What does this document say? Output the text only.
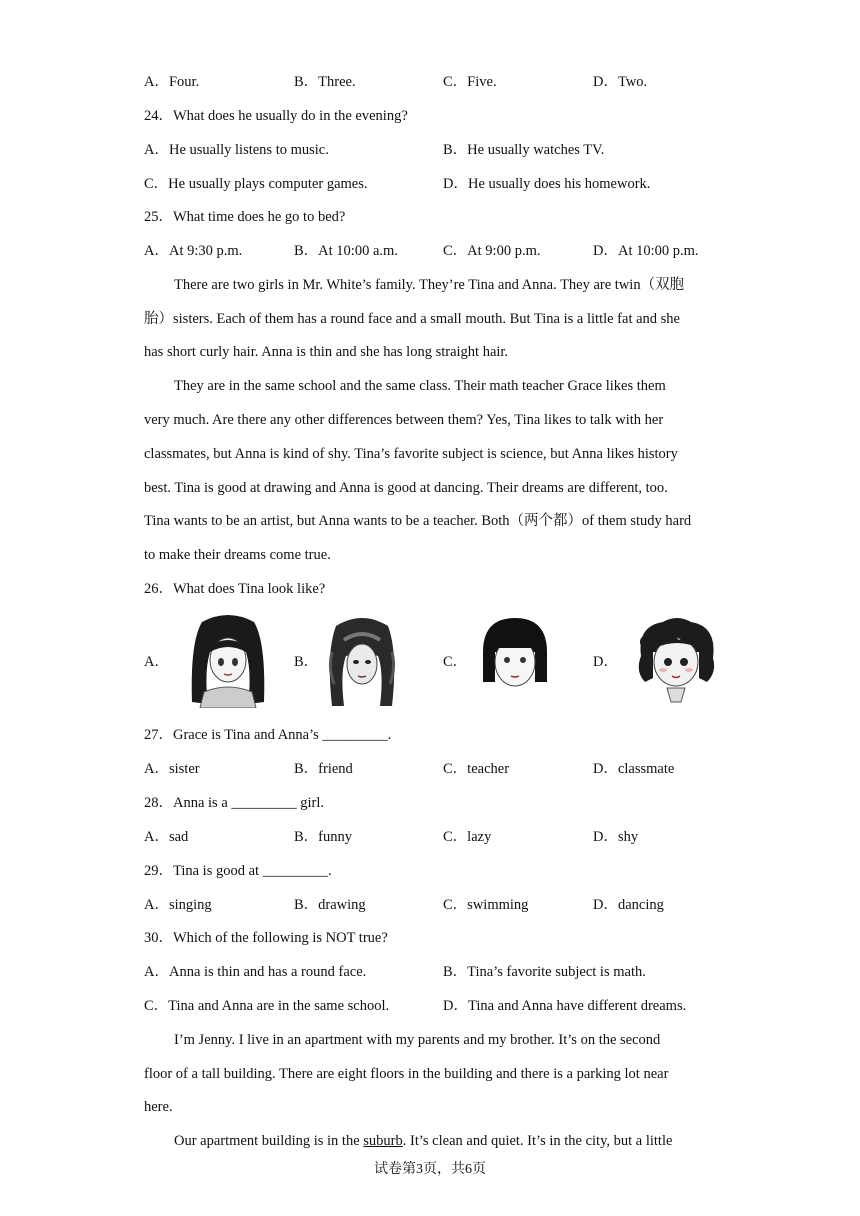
A．Four.	B．Three.	C．Five.	D．Two.
24．What does he usually do in the evening?
A．He usually listens to music.	B．He usually watches TV.
C．He usually plays computer games.	D．He usually does his homework.
25．What time does he go to bed?
A．At 9:30 p.m.	B．At 10:00 a.m.	C．At 9:00 p.m.	D．At 10:00 p.m.
There are two girls in Mr. White’s family. They’re Tina and Anna. They are twin（双胞
胎）sisters. Each of them has a round face and a small mouth. But Tina is a little fat and she
has short curly hair. Anna is thin and she has long straight hair.
They are in the same school and the same class. Their math teacher Grace likes them
very much. Are there any other differences between them? Yes, Tina likes to talk with her
classmates, but Anna is kind of shy. Tina’s favorite subject is science, but Anna likes history
best. Tina is good at drawing and Anna is good at dancing. Their dreams are different, too.
Tina wants to be an artist, but Anna wants to be a teacher. Both（两个都）of them study hard
to make their dreams come true.
26．What does Tina look like?
A．	B．	C．	D．
27．Grace is Tina and Anna’s _________.
A．sister	B．friend	C．teacher	D．classmate
28．Anna is a _________ girl.
A．sad	B．funny	C．lazy	D．shy
29．Tina is good at _________.
A．singing	B．drawing	C．swimming	D．dancing
30．Which of the following is NOT true?
A．Anna is thin and has a round face.	B．Tina’s favorite subject is math.
C．Tina and Anna are in the same school.	D．Tina and Anna have different dreams.
I’m Jenny. I live in an apartment with my parents and my brother. It’s on the second
floor of a tall building. There are eight floors in the building and there is a parking lot near
here.
Our apartment building is in the suburb. It’s clean and quiet. It’s in the city, but a little
试卷第3页，共6页
